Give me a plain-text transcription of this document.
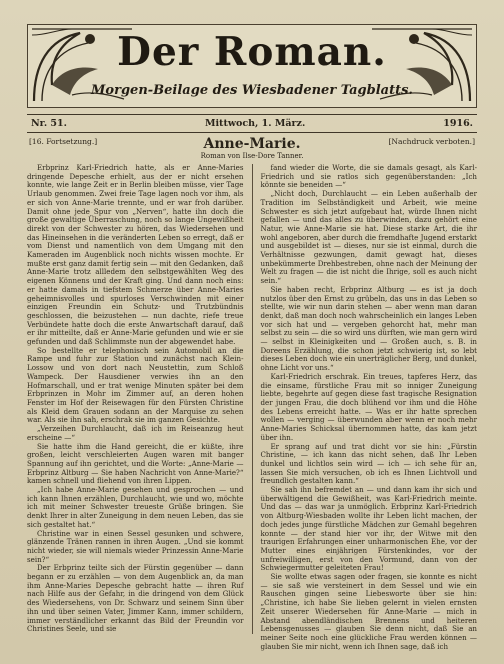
Der Roman.
Morgen-Beilage des Wiesbadener Tagblatts.
Nr. 51.	Mittwoch, 1. März.	1916.
[16. Fortsetzung.]	[Nachdruck verboten.]
Anne-Marie.
Roman von Ilse-Dore Tanner.

Erbprinz Karl-Friedrich hatte, als er Anne-Maries dringende Depesche erhielt, aus der er nicht ersehen konnte, wie lange Zeit er in Berlin bleiben müsse, vier Tage Urlaub genommen. Zwei freie Tage lagen noch vor ihm, als er sich von Anne-Marie trennte, und er war froh darüber. Damit ohne jede Spur von „Nerven“, hatte ihn doch die große gewaltige Überraschung, noch so lange Ungewißheit direkt von der Schwester zu hören, das Wiedersehen und das Hineinsehen in die veränderten Leben so erregt, daß er vom Dienst und namentlich von dem Umgang mit den Kameraden im Augenblick noch nichts wissen mochte. Er mußte erst ganz damit fertig sein — mit den Gedanken, daß Anne-Marie trotz allledem den selbstgewählten Weg des eigenen Könnens und der Kraft ging. Und dann noch eins: er hatte damals in tiefstem Schmerze über Anne-Maries geheimnisvolles und spurloses Verschwinden mit einer einzigen Freundin ein Schutz- und Trutzbündnis geschlossen, die beizustehen — nun dachte, riefe treue Verbündete hatte doch die erste Anwartschaft darauf, daß er ihr mitteilte, daß er Anne-Marie gefunden und wie er sie gefunden und daß Schlimmste nun der abgewendet habe.

So bestellte er telephonisch sein Automobil an die Rampe und fuhr zur Station und zunächst nach Klein-Lossow und von dort nach Neustettin, zum Schloß Wampeck. Der Hausdiener verwies ihn an den Hofmarschall, und er trat wenige Minuten später bei dem Erbprinzen in Mohr im Zimmer auf, an deren hohen Fenster im Hof der Reisewagen für den Fürsten Christine als Kleid dem Grauen sodann an der Marquise zu sehen war. Als sie ihn sah, erschrak sie im ganzen Gesichte.

„Verzeihen Durchlaucht, daß ich im Reiseanzug heut erscheine —“

Sie hatte ihm die Hand gereicht, die er küßte, ihre großen, leicht verschleierten Augen waren mit banger Spannung auf ihn gerichtet, und die Worte: „Anne-Marie — Erbprinz Altburg — Sie haben Nachricht von Anne-Marie?“ kamen schnell und fliehend von ihren Lippen.

„Ich habe Anne-Marie gesehen und gesprochen — und ich kann Ihnen erzählen, Durchlaucht, wie und wo, möchte ich mit meiner Schwester treueste Grüße bringen. Sie denkt Ihrer in alter Zuneigung in dem neuen Leben, das sie sich gestaltet hat.“

Christine war in einen Sessel gesunken und schwere, glänzende Tränen rannen in ihren Augen. „Und sie kommt nicht wieder, sie will niemals wieder Prinzessin Anne-Marie sein?“

Der Erbprinz teilte sich der Fürstin gegenüber — dann begann er zu erzählen — von dem Augenblick an, da man ihm Anne-Maries Depesche gebracht hatte — ihren Ruf nach Hilfe aus der Gefahr, in die dringend von dem Glück des Wiedersehens, von Dr. Schwarz und seinem Sinn über ihn und über seinen Vater, Jimmer Kann, immer schildern, immer verständlicher erkannt das Bild der Freundin vor Christines Seele, und sie

fand wieder die Worte, die sie damals gesagt, als Karl-Friedrich und sie ratlos sich gegenüberstanden: „Ich könnte sie beneiden —“

„Nicht doch, Durchlaucht — ein Leben außerhalb der Tradition im Selbständigkeit und Arbeit, wie meine Schwester es sich jetzt aufgebaut hat, würde Ihnen nicht gefallen — und das alles zu überwinden, dazu gehört eine Natur, wie Anne-Marie sie hat. Diese starke Art, die ihr wohl angeboren, aber durch die fremdhafte Jugend erstarkt und ausgebildet ist — dieses, nur sie ist einmal, durch die Verhältnisse gezwungen, damit gewagt hat, dieses unbekümmerte Drehbestreben, ohne nach der Meinung der Welt zu fragen — die ist nicht die Ihrige, soll es auch nicht sein.“

Sie haben recht, Erbprinz Altburg — es ist ja doch nutzlos über den Ernst zu grübeln, das uns in das Leben so stellte, wie wir nun darin stehen — aber wenn man daran denkt, daß man doch noch wahrscheinlich ein langes Leben vor sich hat und — vergeben gehorcht hat, mehr man selbst zu sein — die so wird uns dürften, wie man gern wird — selbst in Kleinigkeiten und — Großen auch, s. B. in Doreens Erzählung, die schon jetzt schwierig ist, so lebt dieses Leben doch wie ein unerträglicher Berg, und dunkel, ohne Licht vor uns.“

Karl-Friedrich erschrak. Ein treues, tapferes Herz, das die einsame, fürstliche Frau mit so inniger Zuneigung liebte, begehrte auf gegen diese fast tragische Resignation der jungen Frau, die doch blühend vor ihm und die Höhe des Lebens erreicht hatte. — Was er ihr hatte sprechen wollen — verging — überwunden aber wenn er noch mehr Anne-Maries Schicksal übernommen hatte, das kam jetzt über ihn.

Er sprang auf und trat dicht vor sie hin: „Fürstin Christine, — ich kann das nicht sehen, daß Ihr Leben dunkel und lichtlos sein wird — ich — ich sehe für an, lassen Sie mich versuchen, ob ich es Ihnen Lichtvoll und freundlich gestalten kann.“

Sie sah ihn befremdet an — und dann kam ihr sich und überwältigend die Gewißheit, was Karl-Friedrich meinte. Und das — das war ja unmöglich. Erbprinz Karl-Friedrich von Altburg-Wiesbaden wollte ihr Leben licht machen, der doch jedes junge fürstliche Mädchen zur Gemahl begehren konnte — der stand hier vor ihr, der Witwe mit den traurigen Erfahrungen einer unharmonischen Ehe, vor der Mutter eines einjährigen Fürstenkindes, vor der unfreiwilligen, erst von den Vormund, dann von der Schwiegermutter geleiteten Frau!

Sie wollte etwas sagen oder fragen, sie konnte es nicht — sie saß wie versteinert in dem Sessel und wie ein Rauschen gingen seine Liebesworte über sie hin: „Christine, ich habe Sie lieben gelernt in vielen ernsten Zeit unserer Wiedersehen für Anne-Marie — mich in Abstand abendländischen Brennens und heiteren Lebensgenusses — glauben Sie denn nicht, daß Sie an meiner Seite noch eine glückliche Frau werden können — glauben Sie mir nicht, wenn ich Ihnen sage, daß ich
